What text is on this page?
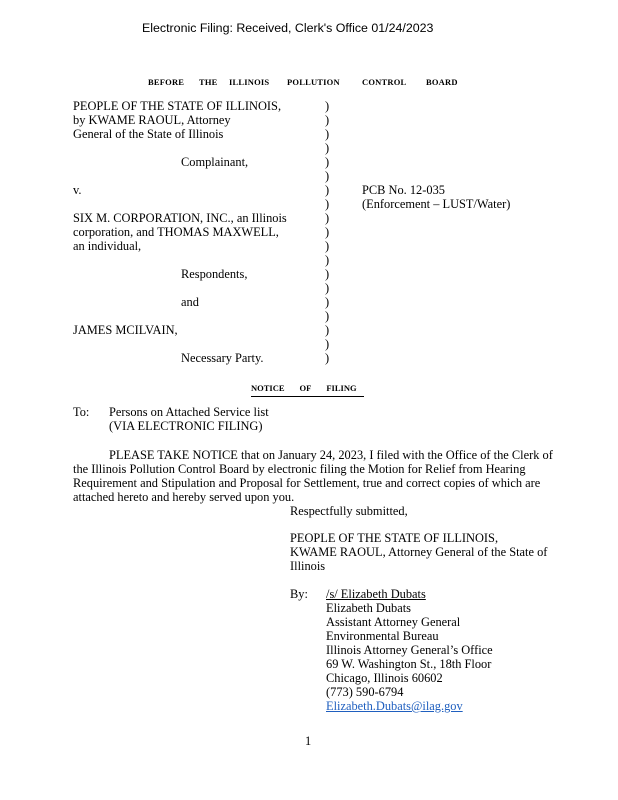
Electronic Filing: Received, Clerk's Office 01/24/2023
BEFORE THE ILLINOIS POLLUTION	CONTROL BOARD
PEOPLE OF THE STATE OF ILLINOIS,
by KWAME RAOUL, Attorney
General of the State of Illinois
Complainant,
v.
SIX M. CORPORATION, INC., an Illinois
corporation, and THOMAS MAXWELL,
an individual,
Respondents,
and
JAMES MCILVAIN,
Necessary Party.
)
)
)
)
)
)
)
)
)
)
)
)
)
)
)
)
)
)
)
PCB No. 12-035
(Enforcement – LUST/Water)
NOTICE OF FILING
To: Persons on Attached Service list
(VIA ELECTRONIC FILING)
PLEASE TAKE NOTICE that on January 24, 2023, I filed with the Office of the Clerk of
the Illinois Pollution Control Board by electronic filing the Motion for Relief from Hearing
Requirement and Stipulation and Proposal for Settlement, true and correct copies of which are
attached hereto and hereby served upon you.
Respectfully submitted,
PEOPLE OF THE STATE OF ILLINOIS,
KWAME RAOUL, Attorney General of the State of
Illinois
By: /s/ Elizabeth Dubats
Elizabeth Dubats
Assistant Attorney General
Environmental Bureau
Illinois Attorney General’s Office
69 W. Washington St., 18th Floor
Chicago, Illinois 60602
(773) 590-6794
Elizabeth.Dubats@ilag.gov
1
